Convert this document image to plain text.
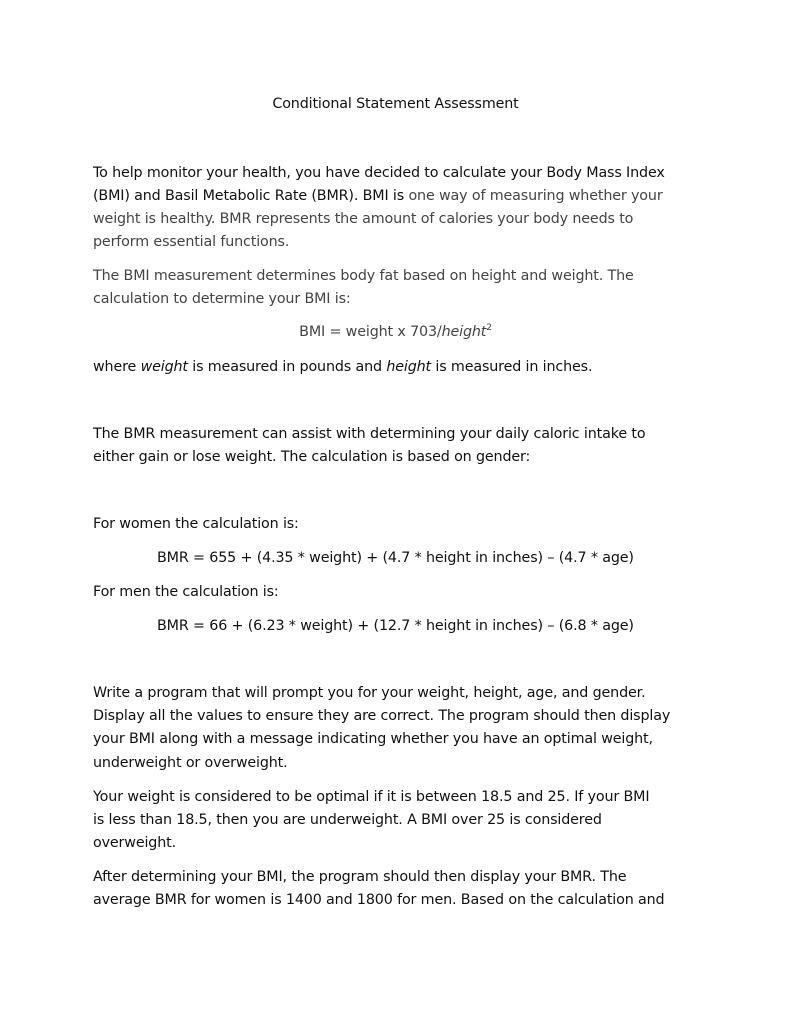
Conditional Statement Assessment
To help monitor your health, you have decided to calculate your Body Mass Index
(BMI) and Basil Metabolic Rate (BMR). BMI is one way of measuring whether your
weight is healthy. BMR represents the amount of calories your body needs to
perform essential functions.
The BMI measurement determines body fat based on height and weight. The
calculation to determine your BMI is:
BMI = weight x 703/height$^2$
where weight is measured in pounds and height is measured in inches.
The BMR measurement can assist with determining your daily caloric intake to
either gain or lose weight. The calculation is based on gender:
For women the calculation is:
BMR = 655 + (4.35 * weight) + (4.7 * height in inches) – (4.7 * age)
For men the calculation is:
BMR = 66 + (6.23 * weight) + (12.7 * height in inches) – (6.8 * age)
Write a program that will prompt you for your weight, height, age, and gender.
Display all the values to ensure they are correct. The program should then display
your BMI along with a message indicating whether you have an optimal weight,
underweight or overweight.
Your weight is considered to be optimal if it is between 18.5 and 25. If your BMI
is less than 18.5, then you are underweight. A BMI over 25 is considered
overweight.
After determining your BMI, the program should then display your BMR. The
average BMR for women is 1400 and 1800 for men. Based on the calculation and
